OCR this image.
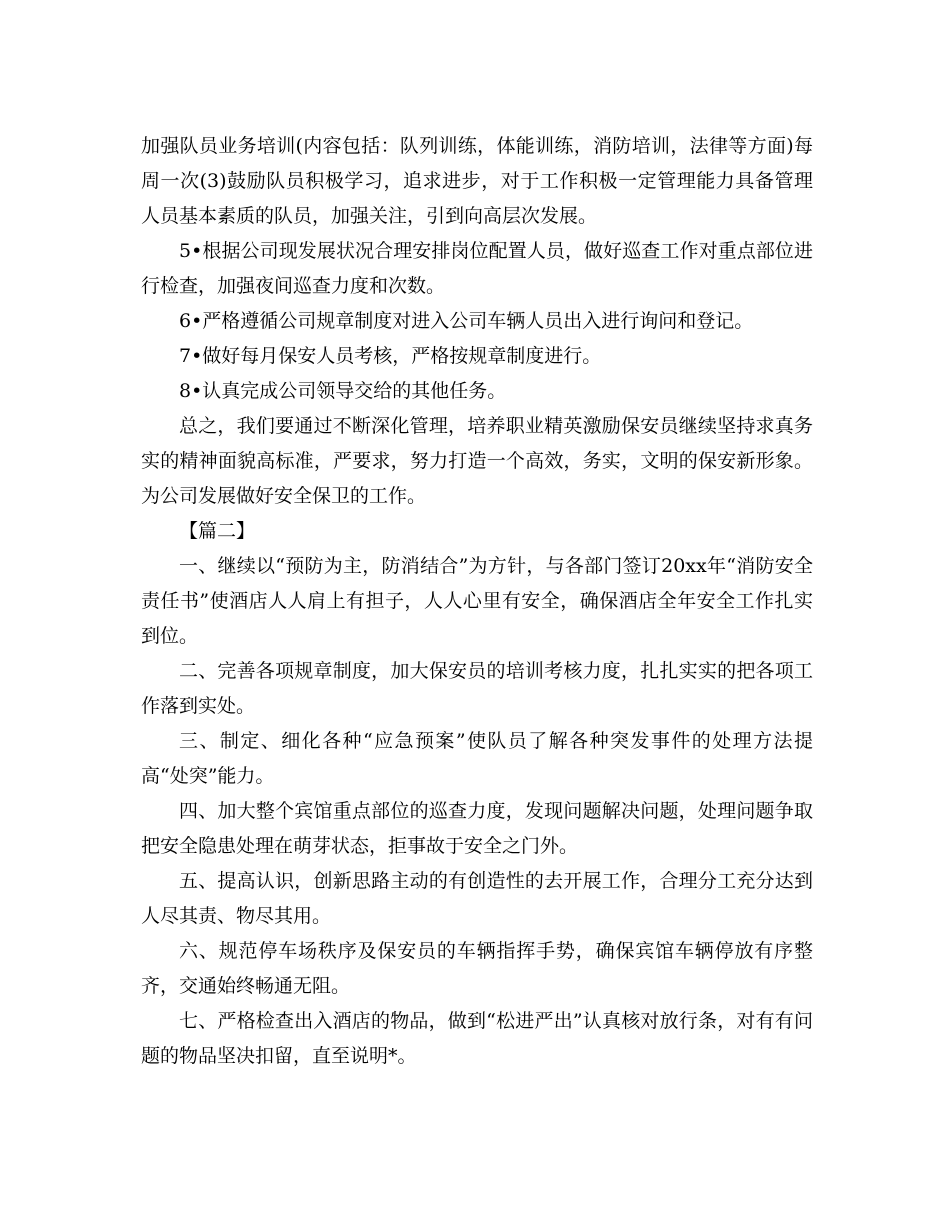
加强队员业务培训(内容包括：队列训练，体能训练，消防培训，法律等方面)每周一次(3)鼓励队员积极学习，追求进步，对于工作积极一定管理能力具备管理人员基本素质的队员，加强关注，引到向高层次发展。

5•根据公司现发展状况合理安排岗位配置人员，做好巡查工作对重点部位进行检查，加强夜间巡查力度和次数。

6•严格遵循公司规章制度对进入公司车辆人员出入进行询问和登记。

7•做好每月保安人员考核，严格按规章制度进行。

8•认真完成公司领导交给的其他任务。

总之，我们要通过不断深化管理，培养职业精英激励保安员继续坚持求真务实的精神面貌高标准，严要求，努力打造一个高效，务实，文明的保安新形象。为公司发展做好安全保卫的工作。

【篇二】

一、继续以“预防为主，防消结合”为方针，与各部门签订20xx年“消防安全责任书”使酒店人人肩上有担子，人人心里有安全，确保酒店全年安全工作扎实到位。

二、完善各项规章制度，加大保安员的培训考核力度，扎扎实实的把各项工作落到实处。

三、制定、细化各种“应急预案”使队员了解各种突发事件的处理方法提高“处突”能力。

四、加大整个宾馆重点部位的巡查力度，发现问题解决问题，处理问题争取把安全隐患处理在萌芽状态，拒事故于安全之门外。

五、提高认识，创新思路主动的有创造性的去开展工作，合理分工充分达到人尽其责、物尽其用。

六、规范停车场秩序及保安员的车辆指挥手势，确保宾馆车辆停放有序整齐，交通始终畅通无阻。

七、严格检查出入酒店的物品，做到“松进严出”认真核对放行条，对有有问题的物品坚决扣留，直至说明*。
